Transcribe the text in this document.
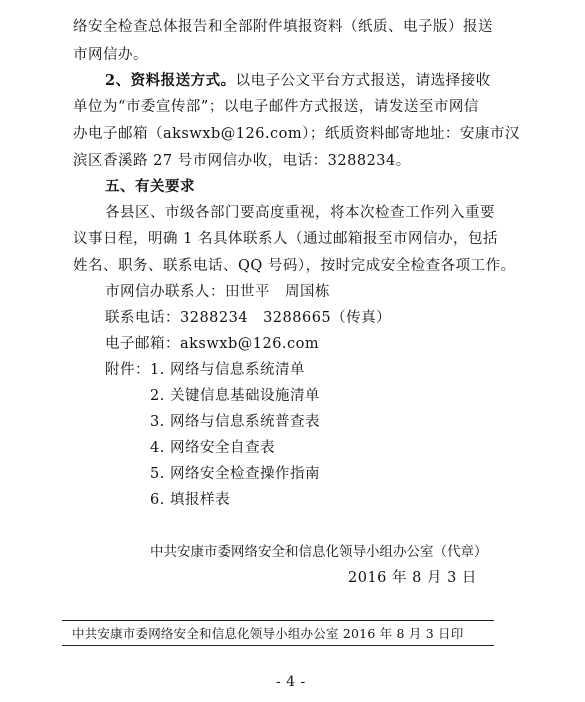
络安全检查总体报告和全部附件填报资料（纸质、电子版）报送
市网信办。
2、资料报送方式。以电子公文平台方式报送，请选择接收
单位为“市委宣传部”；以电子邮件方式报送，请发送至市网信
办电子邮箱（akswxb@126.com）；纸质资料邮寄地址：安康市汉
滨区香溪路 27 号市网信办收，电话：3288234。
五、有关要求
各县区、市级各部门要高度重视，将本次检查工作列入重要
议事日程，明确 1 名具体联系人（通过邮箱报至市网信办，包括
姓名、职务、联系电话、QQ 号码），按时完成安全检查各项工作。
市网信办联系人：田世平　周国栋
联系电话：3288234　3288665（传真）
电子邮箱：akswxb@126.com
附件： 1. 网络与信息系统清单
2. 关键信息基础设施清单
3. 网络与信息系统普查表
4. 网络安全自查表
5. 网络安全检查操作指南
6. 填报样表
中共安康市委网络安全和信息化领导小组办公室（代章）
2016 年 8 月 3 日
中共安康市委网络安全和信息化领导小组办公室 2016 年 8 月 3 日印
- 4 -
